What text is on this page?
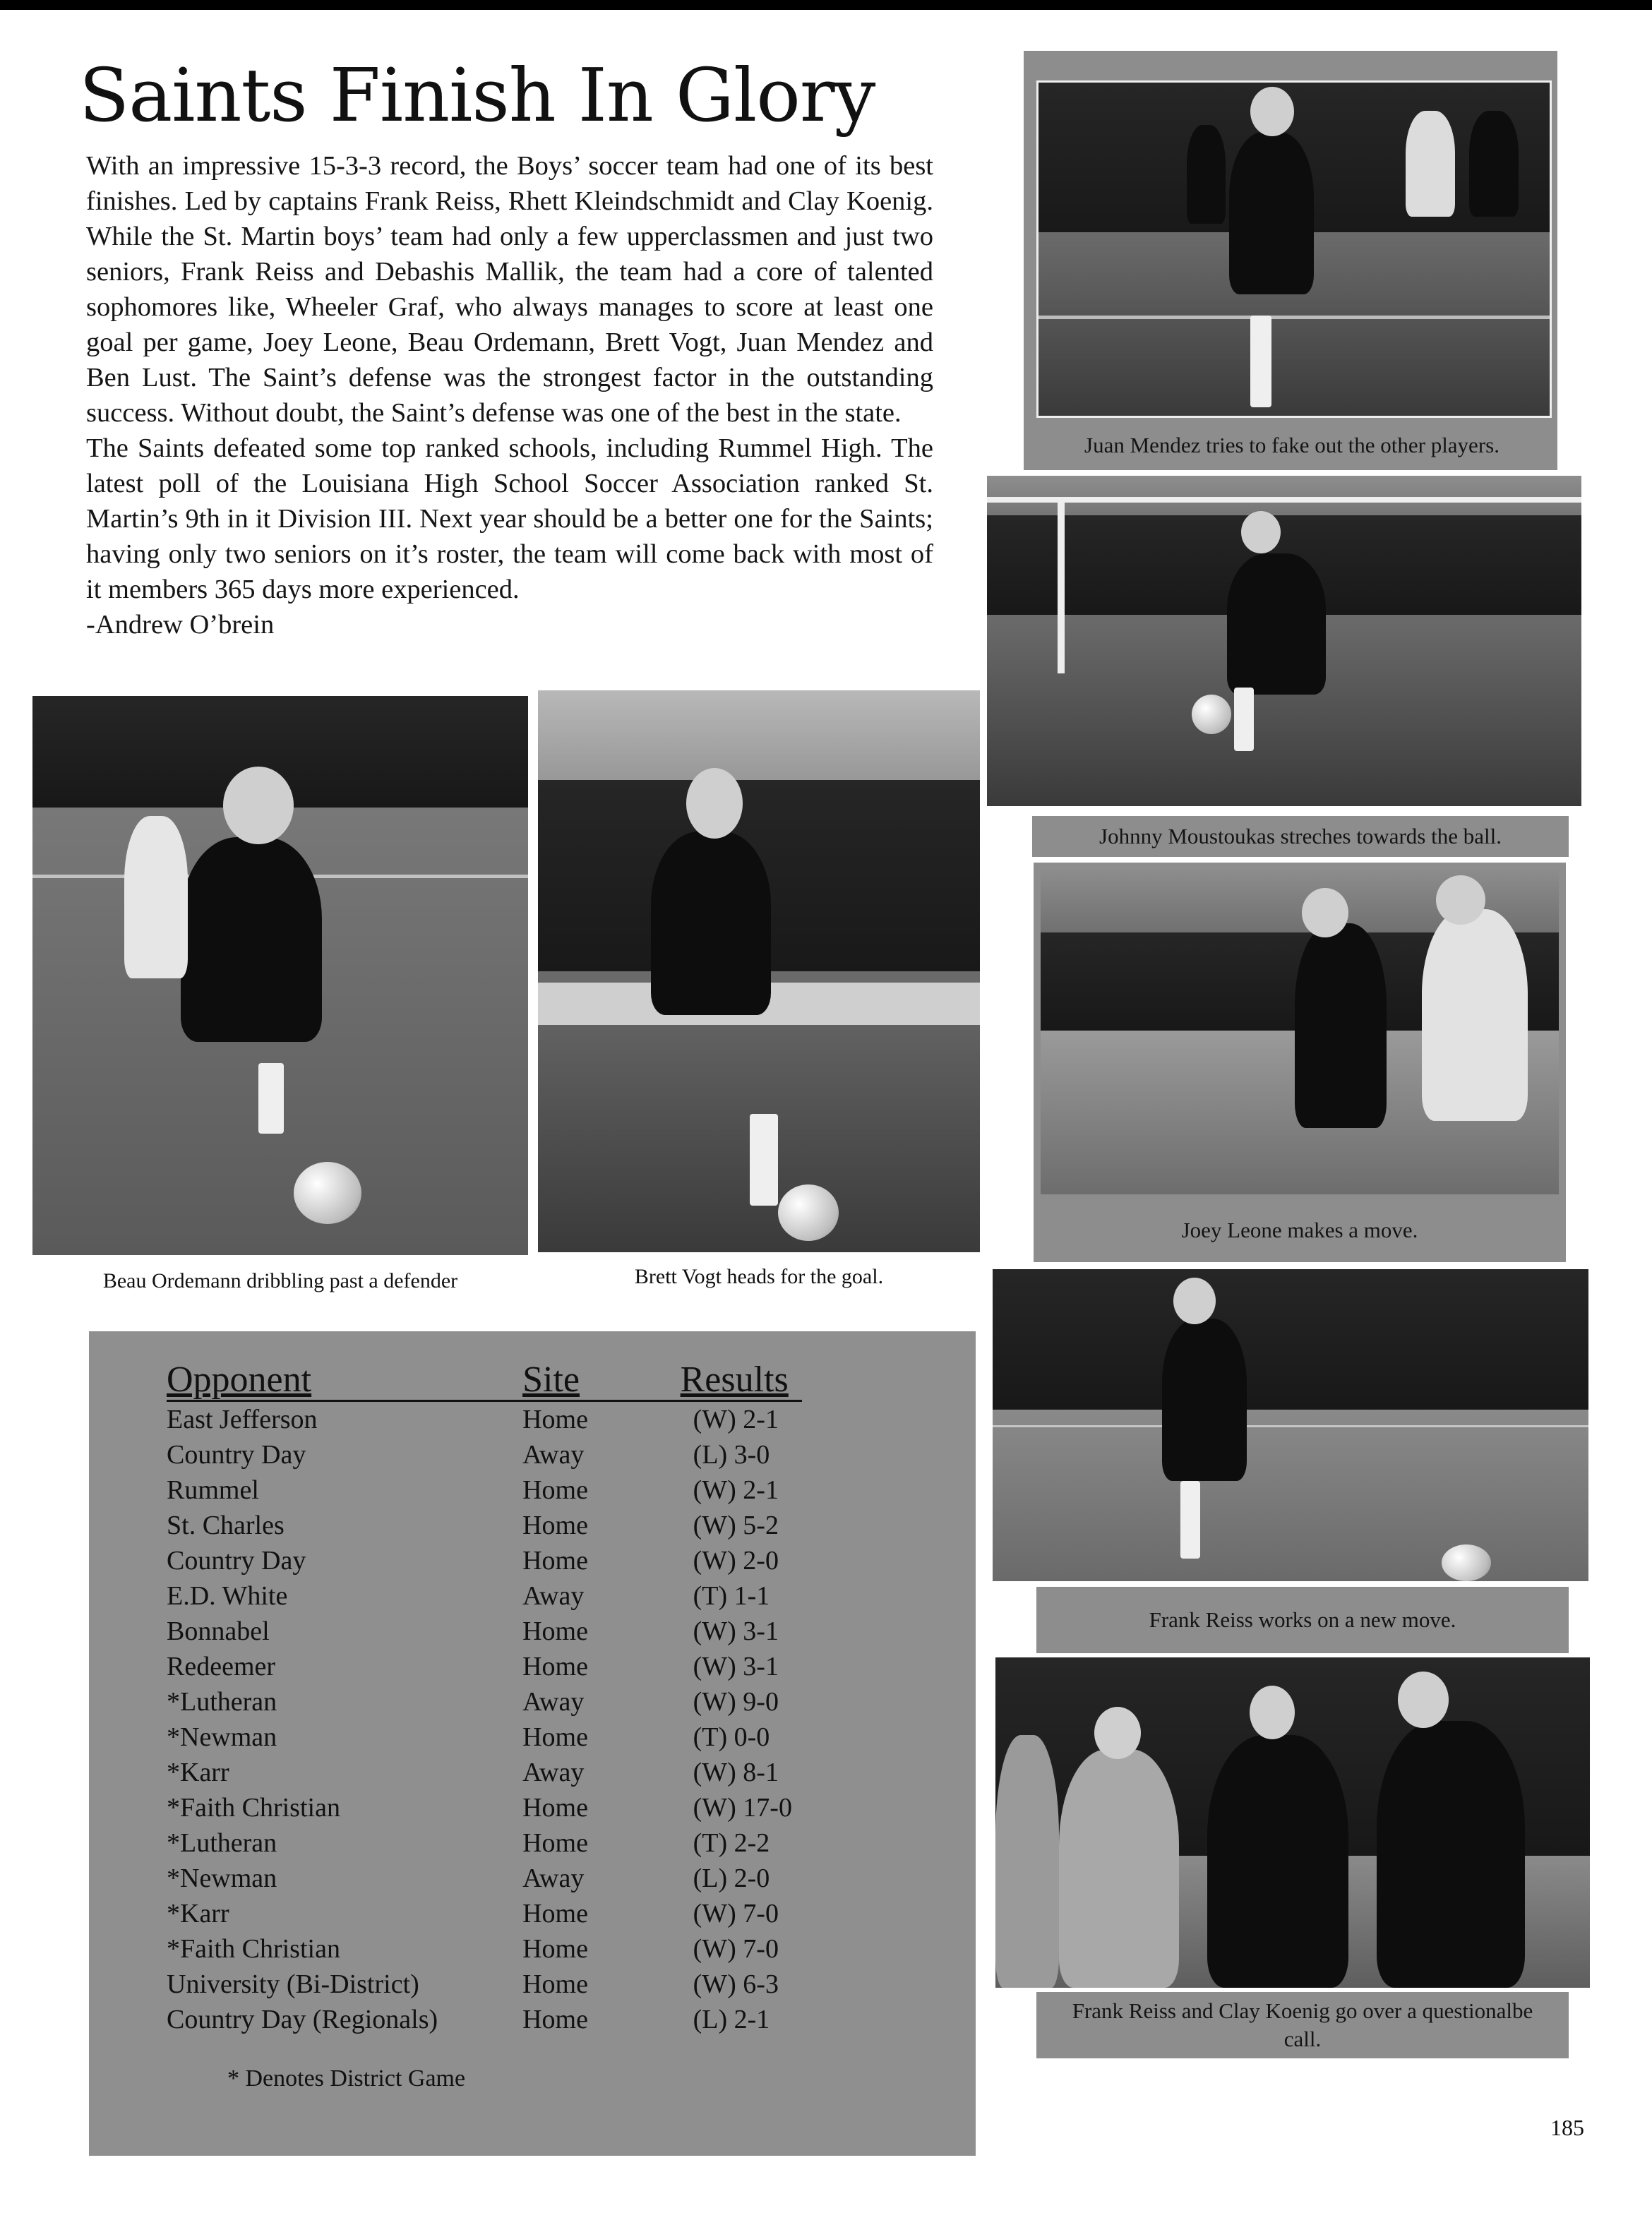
Saints Finish In Glory

With an impressive 15-3-3 record, the Boys’ soccer team had one of its best finishes. Led by captains Frank Reiss, Rhett Kleindschmidt and Clay Koenig. While the St. Martin boys’ team had only a few upperclassmen and just two seniors, Frank Reiss and Debashis Mallik, the team had a core of talented sophomores like, Wheeler Graf, who always manages to score at least one goal per game, Joey Leone, Beau Ordemann, Brett Vogt, Juan Mendez and Ben Lust. The Saint’s defense was the strongest factor in the outstanding success. Without doubt, the Saint’s defense was one of the best in the state.

The Saints defeated some top ranked schools, including Rummel High. The latest poll of the Louisiana High School Soccer Association ranked St. Martin’s 9th in it Division III. Next year should be a better one for the Saints; having only two seniors on it’s roster, the team will come back with most of it members 365 days more experienced.

-Andrew O’brein

Juan Mendez tries to fake out the other players.
Johnny Moustoukas streches towards the ball.
Joey Leone makes a move.
Frank Reiss works on a new move.
Frank Reiss and Clay Koenig go over a questionalbe call.
Beau Ordemann dribbling past a defender	Brett Vogt heads for the goal.
Opponent	Site	Results
East Jefferson	Home	(W) 2-1
Country Day	Away	(L) 3-0
Rummel	Home	(W) 2-1
St. Charles	Home	(W) 5-2
Country Day	Home	(W) 2-0
E.D. White	Away	(T) 1-1
Bonnabel	Home	(W) 3-1
Redeemer	Home	(W) 3-1
*Lutheran	Away	(W) 9-0
*Newman	Home	(T) 0-0
*Karr	Away	(W) 8-1
*Faith Christian	Home	(W) 17-0
*Lutheran	Home	(T) 2-2
*Newman	Away	(L) 2-0
*Karr	Home	(W) 7-0
*Faith Christian	Home	(W) 7-0
University (Bi-District)	Home	(W) 6-3
Country Day (Regionals)	Home	(L) 2-1
* Denotes District Game
185
